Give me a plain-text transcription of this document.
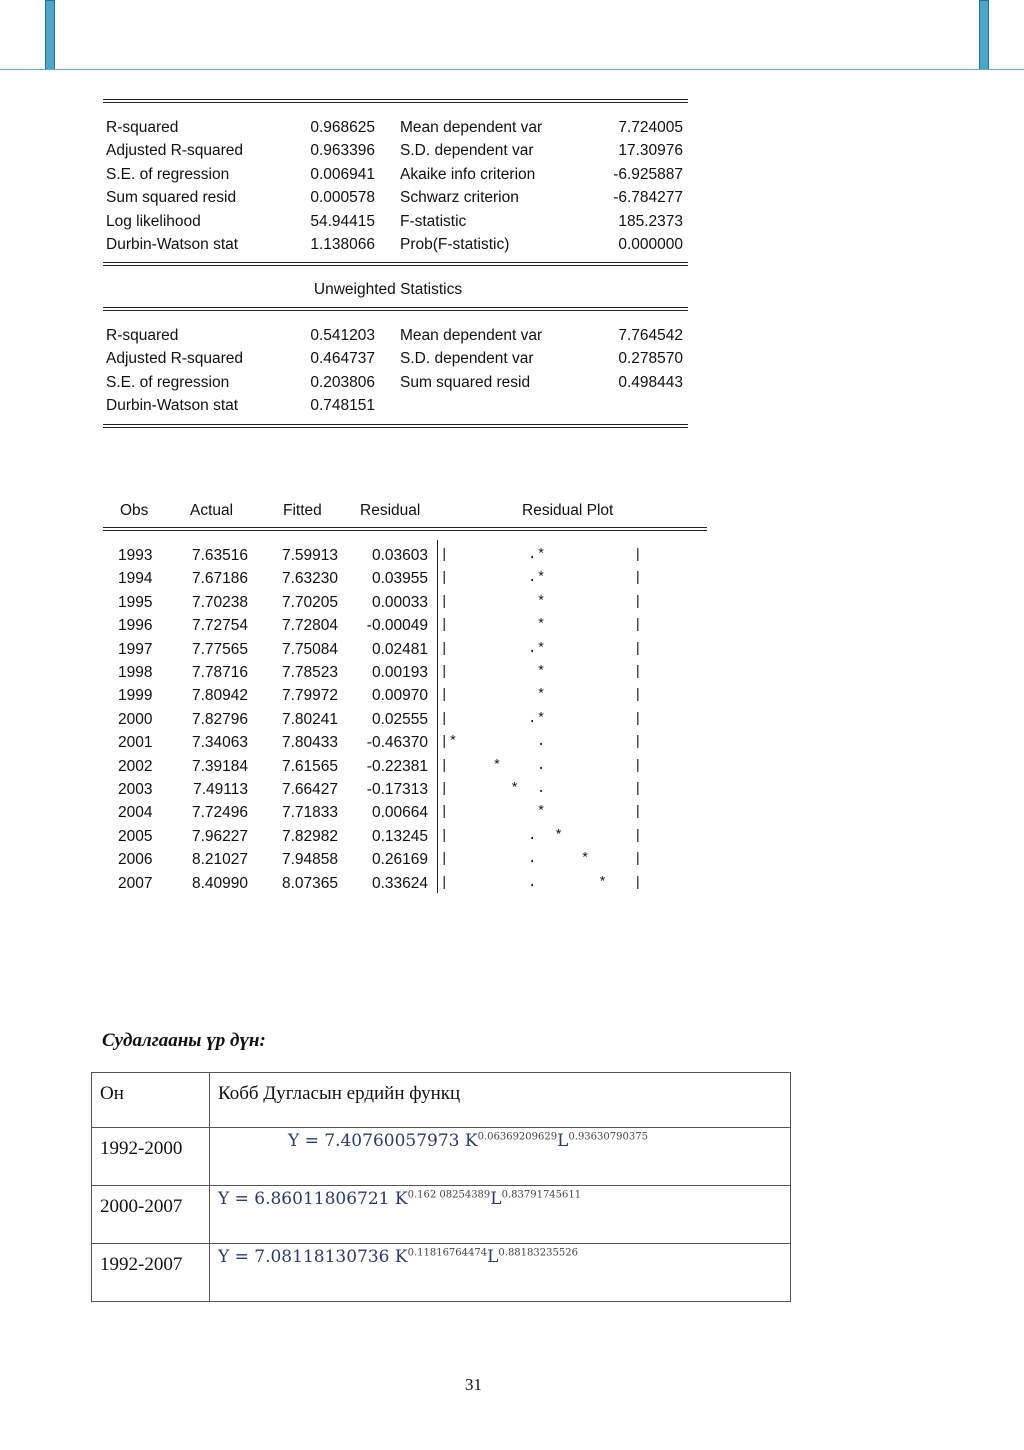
R-squared	0.968625 Mean dependent var	7.724005
Adjusted R-squared	0.963396 S.D. dependent var	17.30976
S.E. of regression	0.006941 Akaike info criterion	-6.925887
Sum squared resid	0.000578 Schwarz criterion	-6.784277
Log likelihood	54.94415 F-statistic	185.2373
Durbin-Watson stat	1.138066 Prob(F-statistic)	0.000000
Unweighted Statistics
R-squared	0.541203 Mean dependent var	7.764542
Adjusted R-squared	0.464737 S.D. dependent var	0.278570
S.E. of regression	0.203806 Sum squared resid	0.498443
Durbin-Watson stat	0.748151
Obs	Actual	Fitted Residual	Residual Plot
1993	7.63516 7.59913 0.03603 |         .*          |
1994	7.67186 7.63230 0.03955 |         .*          |
1995	7.70238 7.70205 0.00033 |          *          |
1996	7.72754 7.72804 -0.00049 |          *          |
1997	7.77565 7.75084 0.02481 |         .*          |
1998	7.78716 7.78523 0.00193 |          *          |
1999	7.80942 7.79972 0.00970 |          *          |
2000	7.82796 7.80241 0.02555 |         .*          |
2001	7.34063 7.80433 -0.46370 |*         .          |
2002	7.39184 7.61565 -0.22381 |     *    .          |
2003	7.49113 7.66427 -0.17313 |       *  .          |
2004	7.72496 7.71833 0.00664 |          *          |
2005	7.96227 7.82982 0.13245 |         .  *        |
2006	8.21027 7.94858 0.26169 |         .     *     |
2007	8.40990 8.07365 0.33624 |         .       *   |
Судалгааны үр дүн:
Он	Кобб Дугласын ердийн функц
1992-2000	Y = 7.40760057973 $K^{0.06369209629}L^{0.93630790375}$
2000-2007	Y = 6.86011806721 $K^{0.162 08254389}L^{0.83791745611}$
1992-2007	Y = 7.08118130736 $K^{0.11816764474}L^{0.88183235526}$
31
